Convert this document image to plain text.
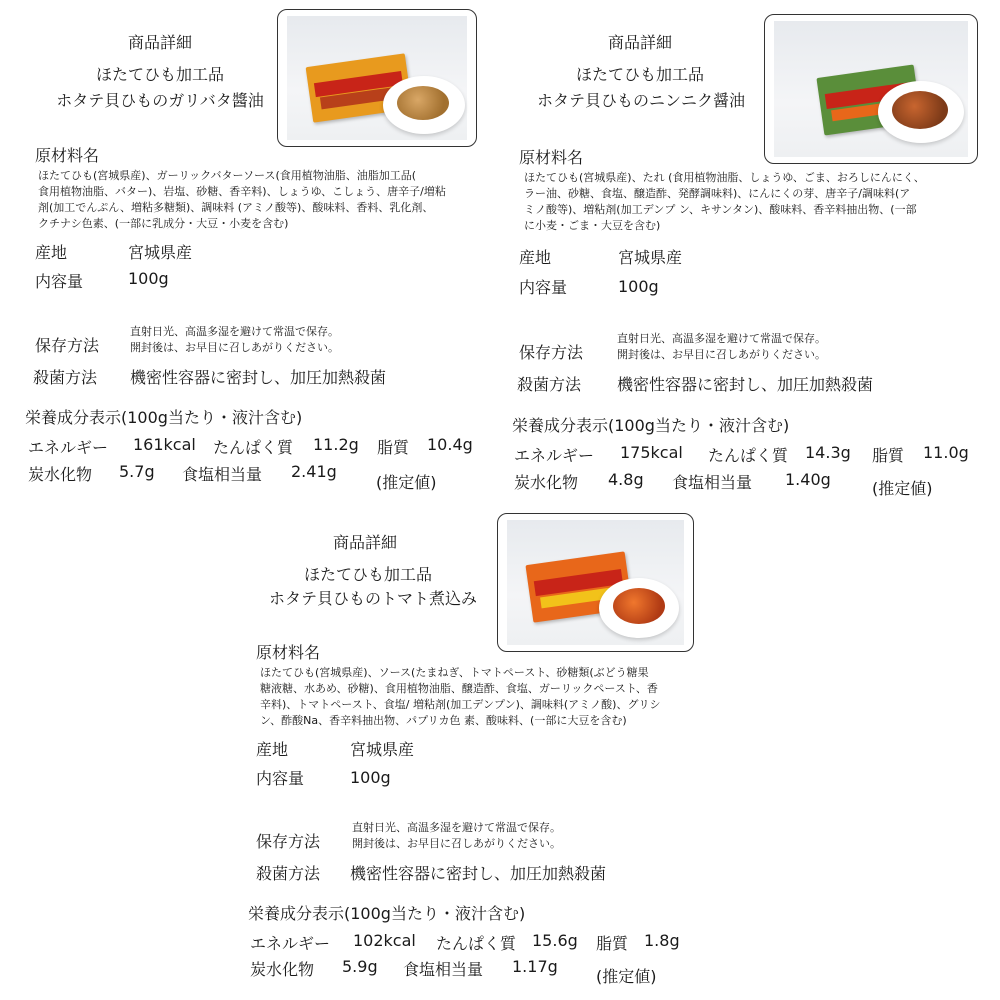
商品詳細
ほたてひも加工品
ホタテ貝ひものガリバタ醬油
原材料名
ほたてひも(宮城県産)、ガーリックバターソース(食用植物油脂、油脂加工品(
食用植物油脂、バター)、岩塩、砂糖、香辛料)、しょうゆ、こしょう、唐辛子/増粘
剤(加工でんぷん、増粘多糖類)、調味料 (アミノ酸等)、酸味料、香料、乳化剤、
クチナシ色素、(一部に乳成分・大豆・小麦を含む)
産地	宮城県産
内容量	100g
保存方法
直射日光、高温多湿を避けて常温で保存。
開封後は、お早目に召しあがりください。
殺菌方法 機密性容器に密封し、加圧加熱殺菌
栄養成分表示(100g当たり・液汁含む)
エネルギー 161kcal たんぱく質 11.2g 脂質 10.4g
炭水化物 5.7g 食塩相当量 2.41g
(推定値)
商品詳細
ほたてひも加工品
ホタテ貝ひものニンニク醤油
原材料名
ほたてひも(宮城県産)、たれ (食用植物油脂、しょうゆ、ごま、おろしにんにく、
ラー油、砂糖、食塩、醸造酢、発酵調味料)、にんにくの芽、唐辛子/調味料(ア
ミノ酸等)、増粘剤(加工デンプ ン、キサンタン)、酸味料、香辛料抽出物、(一部
に小麦・ごま・大豆を含む)
産地	宮城県産
内容量	100g
保存方法
直射日光、高温多湿を避けて常温で保存。
開封後は、お早目に召しあがりください。
殺菌方法 機密性容器に密封し、加圧加熱殺菌
栄養成分表示(100g当たり・液汁含む)
エネルギー 175kcal たんぱく質 14.3g 脂質 11.0g
炭水化物 4.8g 食塩相当量 1.40g	(推定値)
商品詳細
ほたてひも加工品
ホタテ貝ひものトマト煮込み
原材料名
ほたてひも(宮城県産)、ソース(たまねぎ、トマトペースト、砂糖類(ぶどう糖果
糖液糖、水あめ、砂糖)、食用植物油脂、醸造酢、食塩、ガーリックペースト、香
辛料)、トマトペースト、食塩/ 増粘剤(加工デンプン)、調味料(アミノ酸)、グリシ
ン、酢酸Na、香辛料抽出物、パプリカ色 素、酸味料、(一部に大豆を含む)
産地	宮城県産
内容量	100g
保存方法
直射日光、高温多湿を避けて常温で保存。
開封後は、お早目に召しあがりください。
殺菌方法 機密性容器に密封し、加圧加熱殺菌
栄養成分表示(100g当たり・液汁含む)
エネルギー 102kcal たんぱく質 15.6g 脂質 1.8g
炭水化物 5.9g 食塩相当量 1.17g
(推定値)
